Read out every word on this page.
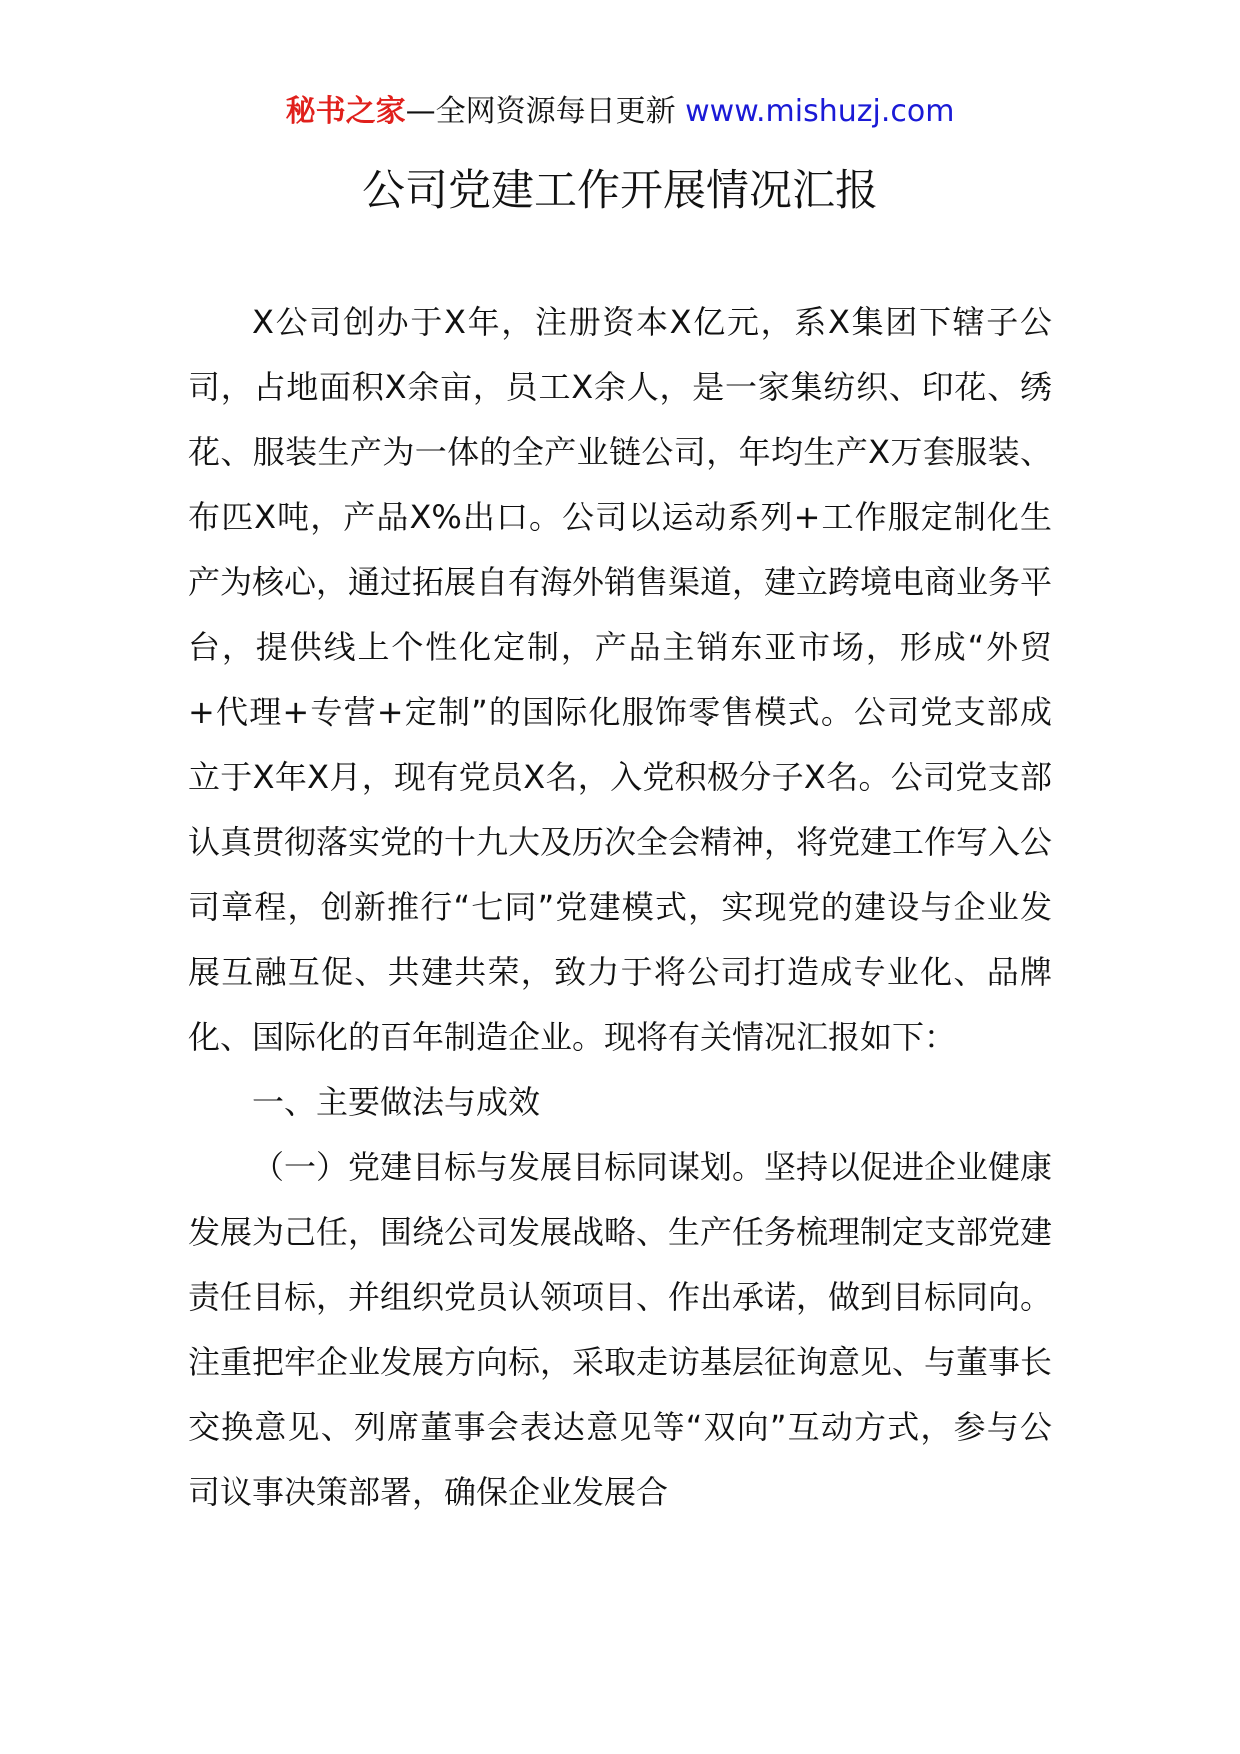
秘书之家—全网资源每日更新 www.mishuzj.com
公司党建工作开展情况汇报

X公司创办于X年，注册资本X亿元，系X集团下辖子公司，占地面积X余亩，员工X余人，是一家集纺织、印花、绣花、服装生产为一体的全产业链公司，年均生产X万套服装、布匹X吨，产品X%出口。公司以运动系列+工作服定制化生产为核心，通过拓展自有海外销售渠道，建立跨境电商业务平台，提供线上个性化定制，产品主销东亚市场，形成“外贸+代理+专营+定制”的国际化服饰零售模式。公司党支部成立于X年X月，现有党员X名，入党积极分子X名。公司党支部认真贯彻落实党的十九大及历次全会精神，将党建工作写入公司章程，创新推行“七同”党建模式，实现党的建设与企业发展互融互促、共建共荣，致力于将公司打造成专业化、品牌化、国际化的百年制造企业。现将有关情况汇报如下：

一、主要做法与成效

（一）党建目标与发展目标同谋划。坚持以促进企业健康发展为己任，围绕公司发展战略、生产任务梳理制定支部党建责任目标，并组织党员认领项目、作出承诺，做到目标同向。注重把牢企业发展方向标，采取走访基层征询意见、与董事长交换意见、列席董事会表达意见等“双向”互动方式，参与公司议事决策部署，确保企业发展合
